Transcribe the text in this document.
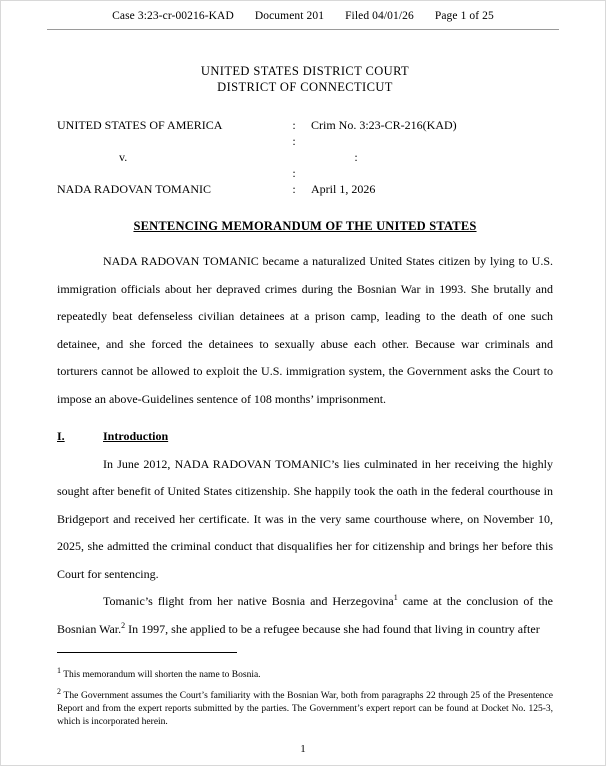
Case 3:23-cr-00216-KAD Document 201 Filed 04/01/26 Page 1 of 25
UNITED STATES DISTRICT COURT
DISTRICT OF CONNECTICUT
UNITED STATES OF AMERICA	:	Crim No. 3:23-CR-216(KAD)
:
v.	:
:
NADA RADOVAN TOMANIC	:	April 1, 2026
SENTENCING MEMORANDUM OF THE UNITED STATES

NADA RADOVAN TOMANIC became a naturalized United States citizen by lying to U.S. immigration officials about her depraved crimes during the Bosnian War in 1993. She brutally and repeatedly beat defenseless civilian detainees at a prison camp, leading to the death of one such detainee, and she forced the detainees to sexually abuse each other. Because war criminals and torturers cannot be allowed to exploit the U.S. immigration system, the Government asks the Court to impose an above-Guidelines sentence of 108 months’ imprisonment.

I.	Introduction

In June 2012, NADA RADOVAN TOMANIC’s lies culminated in her receiving the highly sought after benefit of United States citizenship. She happily took the oath in the federal courthouse in Bridgeport and received her certificate. It was in the very same courthouse where, on November 10, 2025, she admitted the criminal conduct that disqualifies her for citizenship and brings her before this Court for sentencing.

Tomanic’s flight from her native Bosnia and Herzegovina$^1$ came at the conclusion of the Bosnian War.$^2$ In 1997, she applied to be a refugee because she had found that living in country after

$^1$ This memorandum will shorten the name to Bosnia.
$^2$ The Government assumes the Court’s familiarity with the Bosnian War, both from paragraphs 22 through 25 of the Presentence Report and from the expert reports submitted by the parties. The Government’s expert report can be found at Docket No. 125-3, which is incorporated herein.
1
